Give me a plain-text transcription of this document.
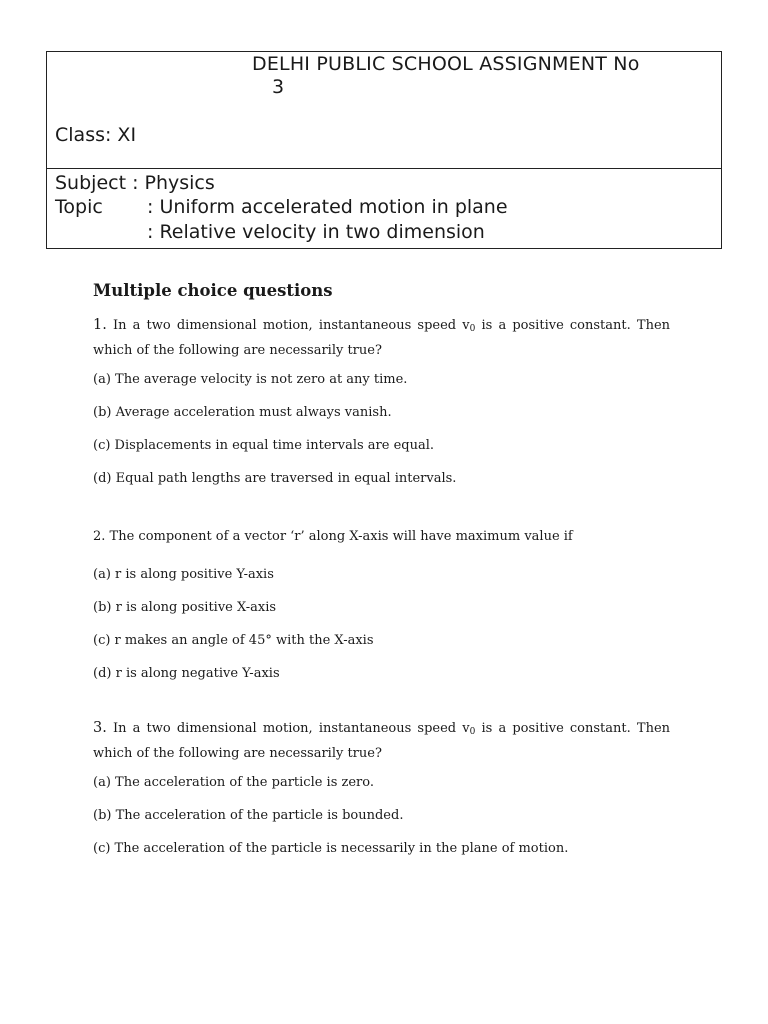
DELHI PUBLIC SCHOOL ASSIGNMENT No
3
Class: XI
Subject : Physics
Topic : Uniform accelerated motion in plane
: Relative velocity in two dimension
Multiple choice questions
1. In a two dimensional motion, instantaneous speed $v_0$ is a positive constant. Then which of the following are necessarily true?
(a) The average velocity is not zero at any time.
(b) Average acceleration must always vanish.
(c) Displacements in equal time intervals are equal.
(d) Equal path lengths are traversed in equal intervals.
2. The component of a vector ‘r’ along X-axis will have maximum value if
(a) r is along positive Y-axis
(b) r is along positive X-axis
(c) r makes an angle of 45° with the X-axis
(d) r is along negative Y-axis
3. In a two dimensional motion, instantaneous speed $v_0$ is a positive constant. Then which of the following are necessarily true?
(a) The acceleration of the particle is zero.
(b) The acceleration of the particle is bounded.
(c) The acceleration of the particle is necessarily in the plane of motion.
